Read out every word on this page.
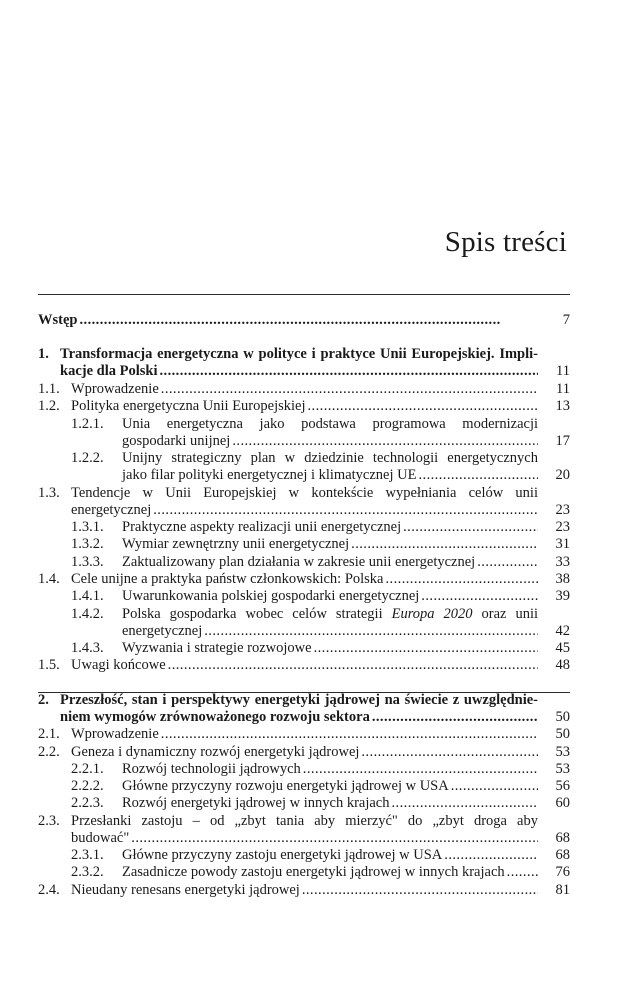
Spis treści
Wstęp . . .	7
1. Transformacja energetyczna w polityce i praktyce Unii Europejskiej. Impli-
kacje dla Polski . . .	11
1.1. Wprowadzenie . . .	11
1.2. Polityka energetyczna Unii Europejskiej . . .	13
1.2.1. Unia energetyczna jako podstawa programowa modernizacji
gospodarki unijnej . . .	17
1.2.2. Unijny strategiczny plan w dziedzinie technologii energetycznych
jako filar polityki energetycznej i klimatycznej UE . . .	20
1.3. Tendencje w Unii Europejskiej w kontekście wypełniania celów unii
energetycznej . . .	23
1.3.1. Praktyczne aspekty realizacji unii energetycznej . . .	23
1.3.2. Wymiar zewnętrzny unii energetycznej . . .	31
1.3.3. Zaktualizowany plan działania w zakresie unii energetycznej . . .	33
1.4. Cele unijne a praktyka państw członkowskich: Polska . . .	38
1.4.1. Uwarunkowania polskiej gospodarki energetycznej . . .	39
1.4.2. Polska gospodarka wobec celów strategii Europa 2020 oraz unii
energetycznej . . .	42
1.4.3. Wyzwania i strategie rozwojowe . . .	45
1.5. Uwagi końcowe . . .	48
2. Przeszłość, stan i perspektywy energetyki jądrowej na świecie z uwzględnie-
niem wymogów zrównoważonego rozwoju sektora . . .	50
2.1. Wprowadzenie . . .	50
2.2. Geneza i dynamiczny rozwój energetyki jądrowej . . .	53
2.2.1. Rozwój technologii jądrowych . . .	53
2.2.2. Główne przyczyny rozwoju energetyki jądrowej w USA . . .	56
2.2.3. Rozwój energetyki jądrowej w innych krajach . . .	60
2.3. Przesłanki zastoju – od „zbyt tania aby mierzyć" do „zbyt droga aby
budować" . . .	68
2.3.1. Główne przyczyny zastoju energetyki jądrowej w USA . . .	68
2.3.2. Zasadnicze powody zastoju energetyki jądrowej w innych krajach . . .	76
2.4. Nieudany renesans energetyki jądrowej . . .	81
